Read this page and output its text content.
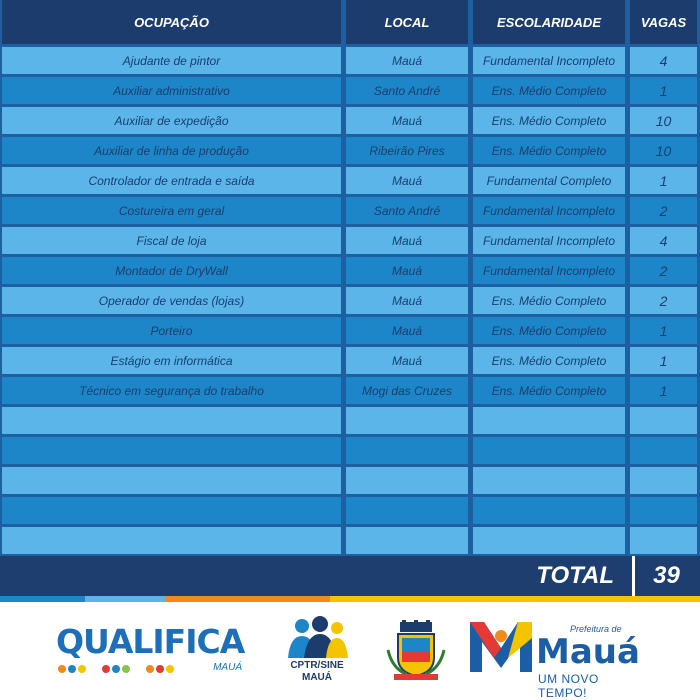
OCUPAÇÃO	LOCAL	ESCOLARIDADE	VAGAS
Ajudante de pintor	Mauá	Fundamental Incompleto	4
Auxiliar administrativo	Santo André	Ens. Médio Completo	1
Auxiliar de expedição	Mauá	Ens. Médio Completo	10
Auxiliar de linha de produção	Ribeirão Pires	Ens. Médio Completo	10
Controlador de entrada e saída	Mauá	Fundamental Completo	1
Costureira em geral	Santo André	Fundamental Incompleto	2
Fiscal de loja	Mauá	Fundamental Incompleto	4
Montador de DryWall	Mauá	Fundamental Incompleto	2
Operador de vendas (lojas)	Mauá	Ens. Médio Completo	2
Porteiro	Mauá	Ens. Médio Completo	1
Estágio em informática	Mauá	Ens. Médio Completo	1
Técnico em segurança do trabalho	Mogi das Cruzes	Ens. Médio Completo	1
TOTAL	39
QUALIFICA
MAUÁ	CPTR/SINE
MAUÁ
Prefeitura de
Mauá
UM NOVO TEMPO!
